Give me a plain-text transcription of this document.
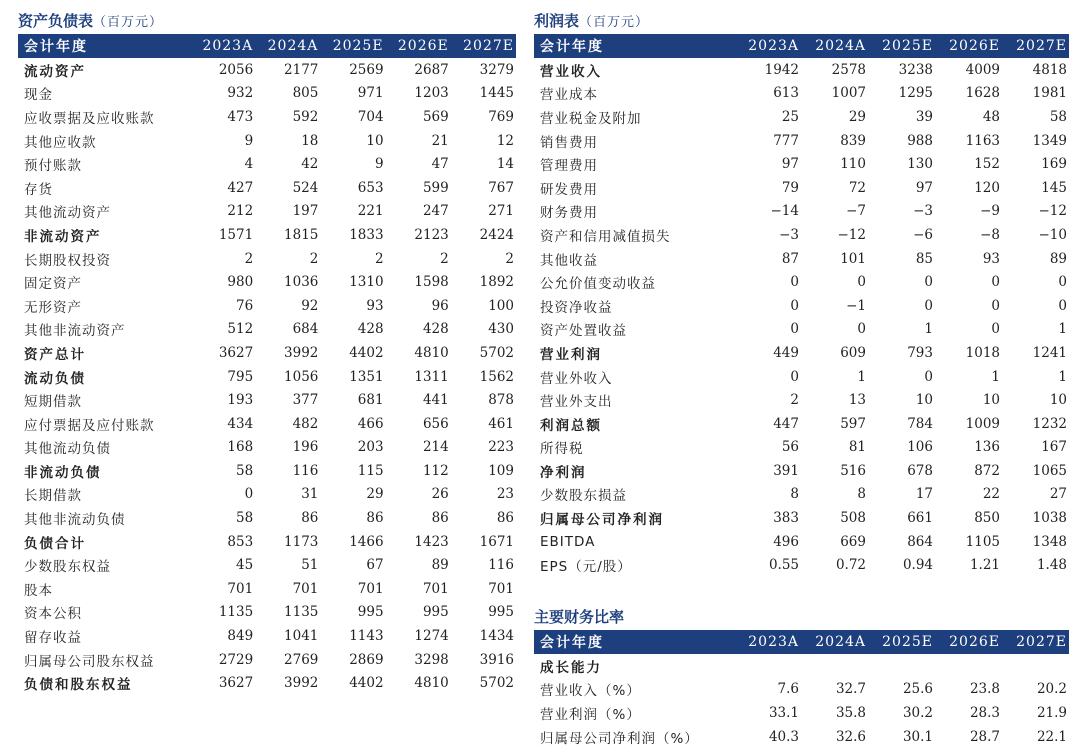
资产负债表（百万元）
会计年度	2023A	2024A	2025E	2026E	2027E
流动资产	2056	2177	2569	2687	3279
现金	932	805	971	1203	1445
应收票据及应收账款	473	592	704	569	769
其他应收款	9	18	10	21	12
预付账款	4	42	9	47	14
存货	427	524	653	599	767
其他流动资产	212	197	221	247	271
非流动资产	1571	1815	1833	2123	2424
长期股权投资	2	2	2	2	2
固定资产	980	1036	1310	1598	1892
无形资产	76	92	93	96	100
其他非流动资产	512	684	428	428	430
资产总计	3627	3992	4402	4810	5702
流动负债	795	1056	1351	1311	1562
短期借款	193	377	681	441	878
应付票据及应付账款	434	482	466	656	461
其他流动负债	168	196	203	214	223
非流动负债	58	116	115	112	109
长期借款	0	31	29	26	23
其他非流动负债	58	86	86	86	86
负债合计	853	1173	1466	1423	1671
少数股东权益	45	51	67	89	116
股本	701	701	701	701	701
资本公积	1135	1135	995	995	995
留存收益	849	1041	1143	1274	1434
归属母公司股东权益	2729	2769	2869	3298	3916
负债和股东权益	3627	3992	4402	4810	5702
利润表（百万元）
会计年度	2023A	2024A	2025E	2026E	2027E
营业收入	1942	2578	3238	4009	4818
营业成本	613	1007	1295	1628	1981
营业税金及附加	25	29	39	48	58
销售费用	777	839	988	1163	1349
管理费用	97	110	130	152	169
研发费用	79	72	97	120	145
财务费用	−14	−7	−3	−9	−12
资产和信用减值损失	−3	−12	−6	−8	−10
其他收益	87	101	85	93	89
公允价值变动收益	0	0	0	0	0
投资净收益	0	−1	0	0	0
资产处置收益	0	0	1	0	1
营业利润	449	609	793	1018	1241
营业外收入	0	1	0	1	1
营业外支出	2	13	10	10	10
利润总额	447	597	784	1009	1232
所得税	56	81	106	136	167
净利润	391	516	678	872	1065
少数股东损益	8	8	17	22	27
归属母公司净利润	383	508	661	850	1038
EBITDA	496	669	864	1105	1348
EPS（元/股）	0.55	0.72	0.94	1.21	1.48
主要财务比率
会计年度	2023A	2024A	2025E	2026E	2027E
成长能力					
营业收入（%）	7.6	32.7	25.6	23.8	20.2
营业利润（%）	33.1	35.8	30.2	28.3	21.9
归属母公司净利润（%）	40.3	32.6	30.1	28.7	22.1
